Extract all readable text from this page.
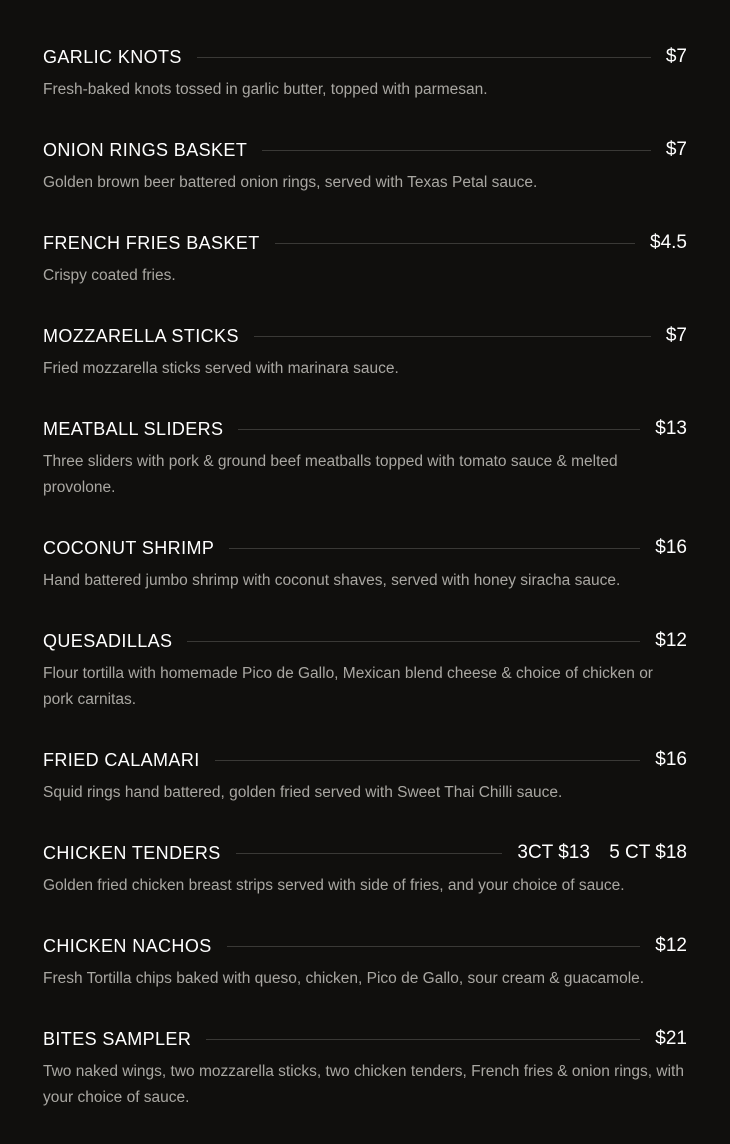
GARLIC KNOTS	$7
Fresh-baked knots tossed in garlic butter, topped with parmesan.
ONION RINGS BASKET	$7
Golden brown beer battered onion rings, served with Texas Petal sauce.
FRENCH FRIES BASKET	$4.5
Crispy coated fries.
MOZZARELLA STICKS	$7
Fried mozzarella sticks served with marinara sauce.
MEATBALL SLIDERS	$13
Three sliders with pork & ground beef meatballs topped with tomato sauce & melted provolone.
COCONUT SHRIMP	$16
Hand battered jumbo shrimp with coconut shaves, served with honey siracha sauce.
QUESADILLAS	$12
Flour tortilla with homemade Pico de Gallo, Mexican blend cheese & choice of chicken or pork carnitas.
FRIED CALAMARI	$16
Squid rings hand battered, golden fried served with Sweet Thai Chilli sauce.
CHICKEN TENDERS	3CT $13 5 CT $18
Golden fried chicken breast strips served with side of fries, and your choice of sauce.
CHICKEN NACHOS	$12
Fresh Tortilla chips baked with queso, chicken, Pico de Gallo, sour cream & guacamole.
BITES SAMPLER	$21
Two naked wings, two mozzarella sticks, two chicken tenders, French fries & onion rings, with your choice of sauce.
